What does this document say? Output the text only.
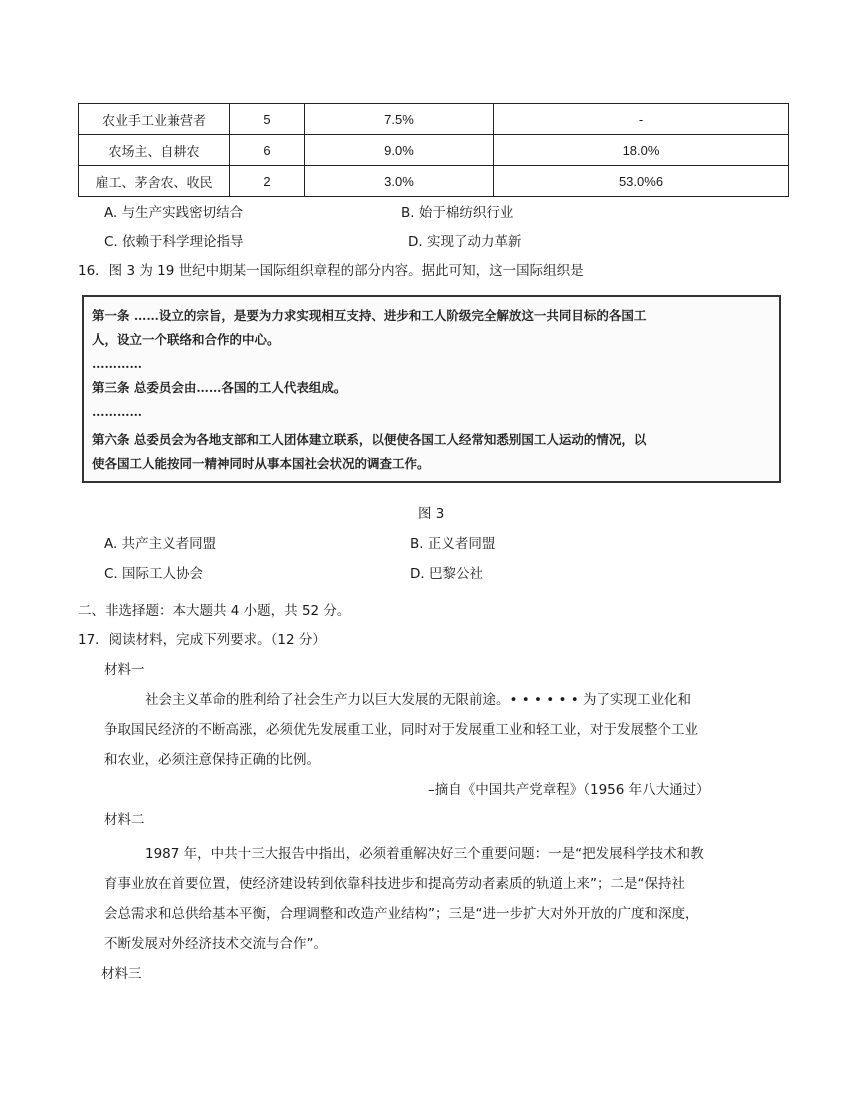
农业手工业兼营者	5	7.5%	-
农场主、自耕农	6	9.0%	18.0%
雇工、茅舍农、收民	2	3.0%	53.0%6
A. 与生产实践密切结合	B. 始于棉纺织行业
C. 依赖于科学理论指导	D. 实现了动力革新
16．图 3 为 19 世纪中期某一国际组织章程的部分内容。据此可知，这一国际组织是
第一条 ……设立的宗旨，是要为力求实现相互支持、进步和工人阶级完全解放这一共同目标的各国工
人，设立一个联络和合作的中心。
…………
第三条 总委员会由……各国的工人代表组成。
…………
第六条 总委员会为各地支部和工人团体建立联系，以便使各国工人经常知悉别国工人运动的情况，以
使各国工人能按同一精神同时从事本国社会状况的调查工作。
图 3
A. 共产主义者同盟	B. 正义者同盟
C. 国际工人协会	D. 巴黎公社
二、非选择题：本大题共 4 小题，共 52 分。
17．阅读材料，完成下列要求。（12 分）
材料一
社会主义革命的胜利给了社会生产力以巨大发展的无限前途。• • • • • • 为了实现工业化和
争取国民经济的不断高涨，必须优先发展重工业，同时对于发展重工业和轻工业，对于发展整个工业
和农业，必须注意保持正确的比例。
–摘自《中国共产党章程》（1956 年八大通过）
材料二
1987 年，中共十三大报告中指出，必须着重解决好三个重要问题：一是“把发展科学技术和教
育事业放在首要位置，使经济建设转到依靠科技进步和提高劳动者素质的轨道上来”；二是“保持社
会总需求和总供给基本平衡，合理调整和改造产业结构”；三是“进一步扩大对外开放的广度和深度，
不断发展对外经济技术交流与合作”。
材料三
